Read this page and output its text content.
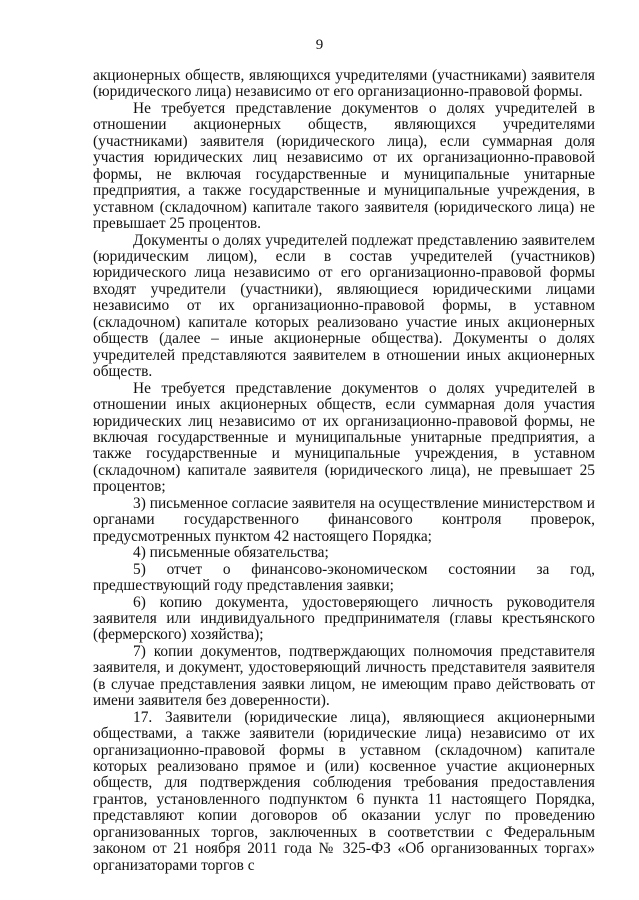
9

акционерных обществ, являющихся учредителями (участниками) заявителя (юридического лица) независимо от его организационно-правовой формы.

Не требуется представление документов о долях учредителей в отношении акционерных обществ, являющихся учредителями (участниками) заявителя (юридического лица), если суммарная доля участия юридических лиц независимо от их организационно-правовой формы, не включая государственные и муниципальные унитарные предприятия, а также государственные и муниципальные учреждения, в уставном (складочном) капитале такого заявителя (юридического лица) не превышает 25 процентов.

Документы о долях учредителей подлежат представлению заявителем (юридическим лицом), если в состав учредителей (участников) юридического лица независимо от его организационно-правовой формы входят учредители (участники), являющиеся юридическими лицами независимо от их организационно-правовой формы, в уставном (складочном) капитале которых реализовано участие иных акционерных обществ (далее – иные акционерные общества). Документы о долях учредителей представляются заявителем в отношении иных акционерных обществ.

Не требуется представление документов о долях учредителей в отношении иных акционерных обществ, если суммарная доля участия юридических лиц независимо от их организационно-правовой формы, не включая государственные и муниципальные унитарные предприятия, а также государственные и муниципальные учреждения, в уставном (складочном) капитале заявителя (юридического лица), не превышает 25 процентов;

3) письменное согласие заявителя на осуществление министерством и органами государственного финансового контроля проверок, предусмотренных пунктом 42 настоящего Порядка;

4) письменные обязательства;

5) отчет о финансово-экономическом состоянии за год, предшествующий году представления заявки;

6) копию документа, удостоверяющего личность руководителя заявителя или индивидуального предпринимателя (главы крестьянского (фермерского) хозяйства);

7) копии документов, подтверждающих полномочия представителя заявителя, и документ, удостоверяющий личность представителя заявителя (в случае представления заявки лицом, не имеющим право действовать от имени заявителя без доверенности).

17. Заявители (юридические лица), являющиеся акционерными обществами, а также заявители (юридические лица) независимо от их организационно-правовой формы в уставном (складочном) капитале которых реализовано прямое и (или) косвенное участие акционерных обществ, для подтверждения соблюдения требования предоставления грантов, установленного подпунктом 6 пункта 11 настоящего Порядка, представляют копии договоров об оказании услуг по проведению организованных торгов, заключенных в соответствии с Федеральным законом от 21 ноября 2011 года № 325-ФЗ «Об организованных торгах» организаторами торгов с
